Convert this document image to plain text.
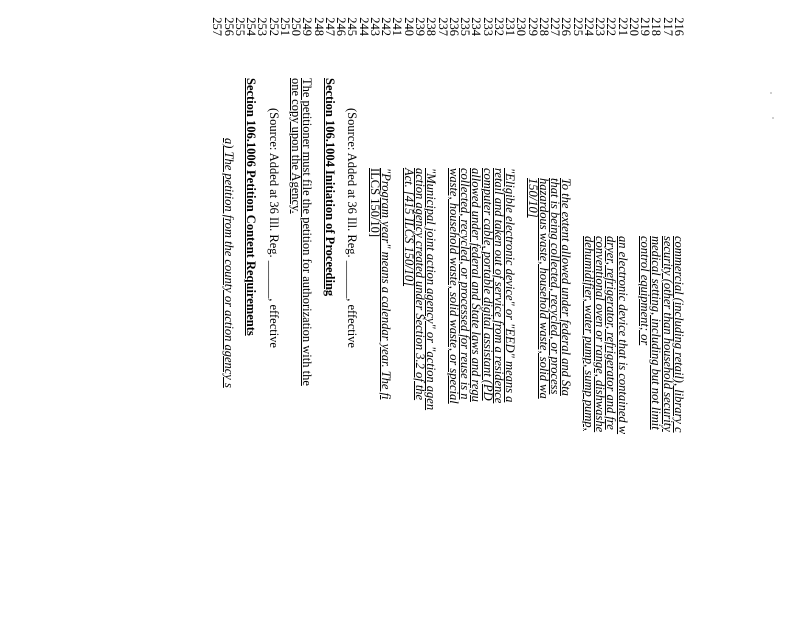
216
commercial (including retail), library c
217
security (other than household security
218
medical setting, including but not limit
219
control equipment; or
220
221
an electronic device that is contained w
222
dryer, refrigerator, refrigerator and fre
223
conventional oven or range, dishwashe
224
dehumidifier, water pump, sump pump,
225
226
To the extent allowed under federal and Sta
227
that is being collected, recycled, or process
228
hazardous waste, household waste, solid wa
229
150/10]
230
231
"Eligible electronic device" or "EED" means a
232
retail and taken out of service from a residence
233
computer cable, portable digital assistant (PD
234
allowed under federal and State laws and regu
235
collected, recycled, or processed for reuse is n
236
waste, household waste, solid waste, or special
237
238
"Municipal joint action agency" or "action agen
239
action agency created under Section 3.2 of the
240
Act. [415 ILCS 150/10]
241
242
"Program year" means a calendar year. The fi
243
ILCS 150/10]
244
245
(Source: Added at 36 Ill. Reg. ______, effective
246
247
Section 106.1004 Initiation of Proceeding
248
249
The petitioner must file the petition for authorization with the
250
one copy upon the Agency.
251
252
(Source: Added at 36 Ill. Reg. ______, effective
253
254
Section 106.1006 Petition Content Requirements
255
256
a) The petition from the county or action agency s
257
